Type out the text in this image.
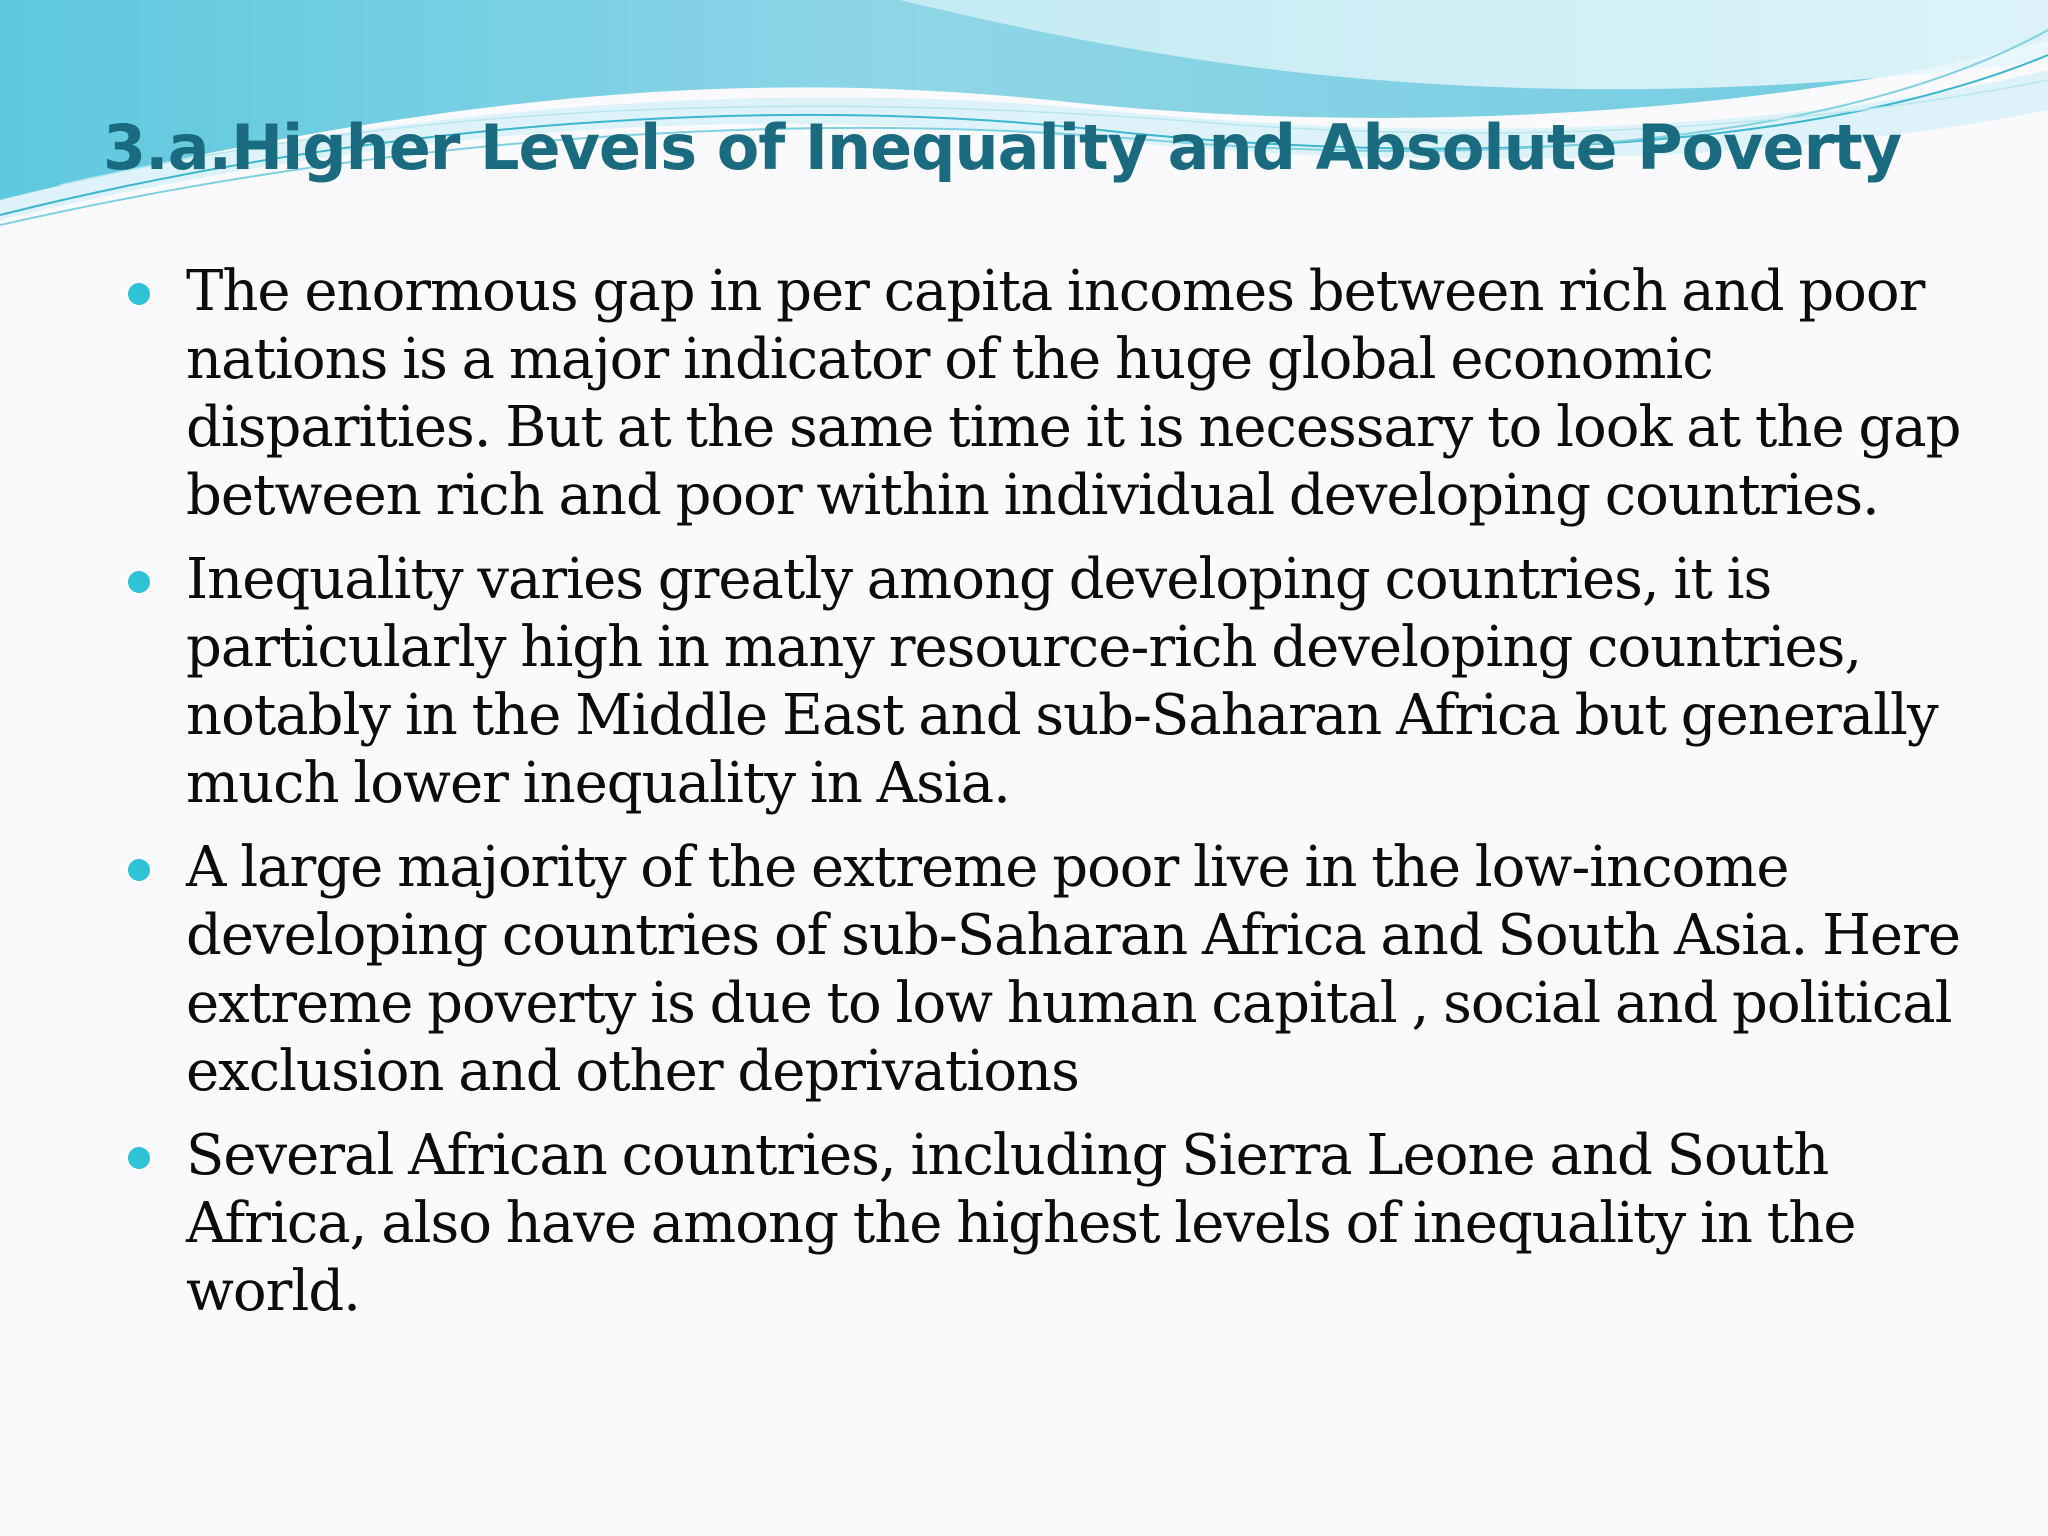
3.a.Higher Levels of Inequality and Absolute Poverty
The enormous gap in per capita incomes between rich and poor nations is a major indicator of the huge global economic disparities. But at the same time it is necessary to look at the gap between rich and poor within individual developing countries.
Inequality varies greatly among developing countries, it is particularly high in many resource-rich developing countries, notably in the Middle East and sub-Saharan Africa but generally much lower inequality in Asia.
A large majority of the extreme poor live in the low-income developing countries of sub-Saharan Africa and South Asia. Here extreme poverty is due to low human capital , social and political exclusion and other deprivations
Several African countries, including Sierra Leone and South Africa, also have among the highest levels of inequality in the world.
